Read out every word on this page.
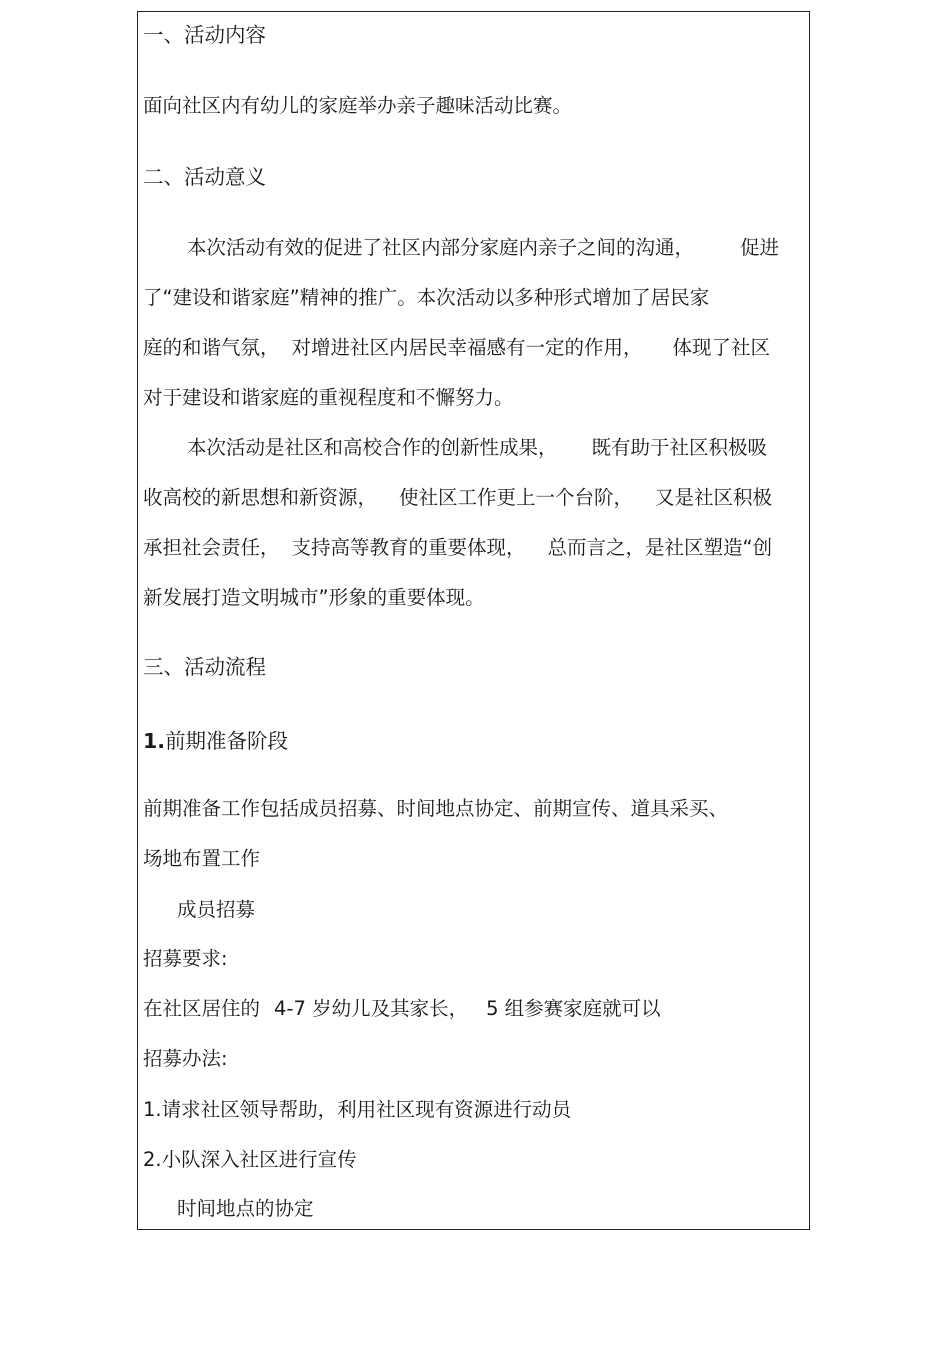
一、活动内容
面向社区内有幼儿的家庭举办亲子趣味活动比赛。
二、活动意义
本次活动有效的促进了社区内部分家庭内亲子之间的沟通， 促进
了“建设和谐家庭”精神的推广。本次活动以多种形式增加了居民家
庭的和谐气氛， 对增进社区内居民幸福感有一定的作用， 体现了社区
对于建设和谐家庭的重视程度和不懈努力。
本次活动是社区和高校合作的创新性成果， 既有助于社区积极吸
收高校的新思想和新资源， 使社区工作更上一个台阶， 又是社区积极
承担社会责任， 支持高等教育的重要体现， 总而言之，是社区塑造“创
新发展打造文明城市”形象的重要体现。
三、活动流程
1.前期准备阶段
前期准备工作包括成员招募、时间地点协定、前期宣传、道具采买、
场地布置工作
成员招募
招募要求:
在社区居住的 4-7 岁幼儿及其家长， 5 组参赛家庭就可以
招募办法:
1.请求社区领导帮助，利用社区现有资源进行动员
2.小队深入社区进行宣传
时间地点的协定
